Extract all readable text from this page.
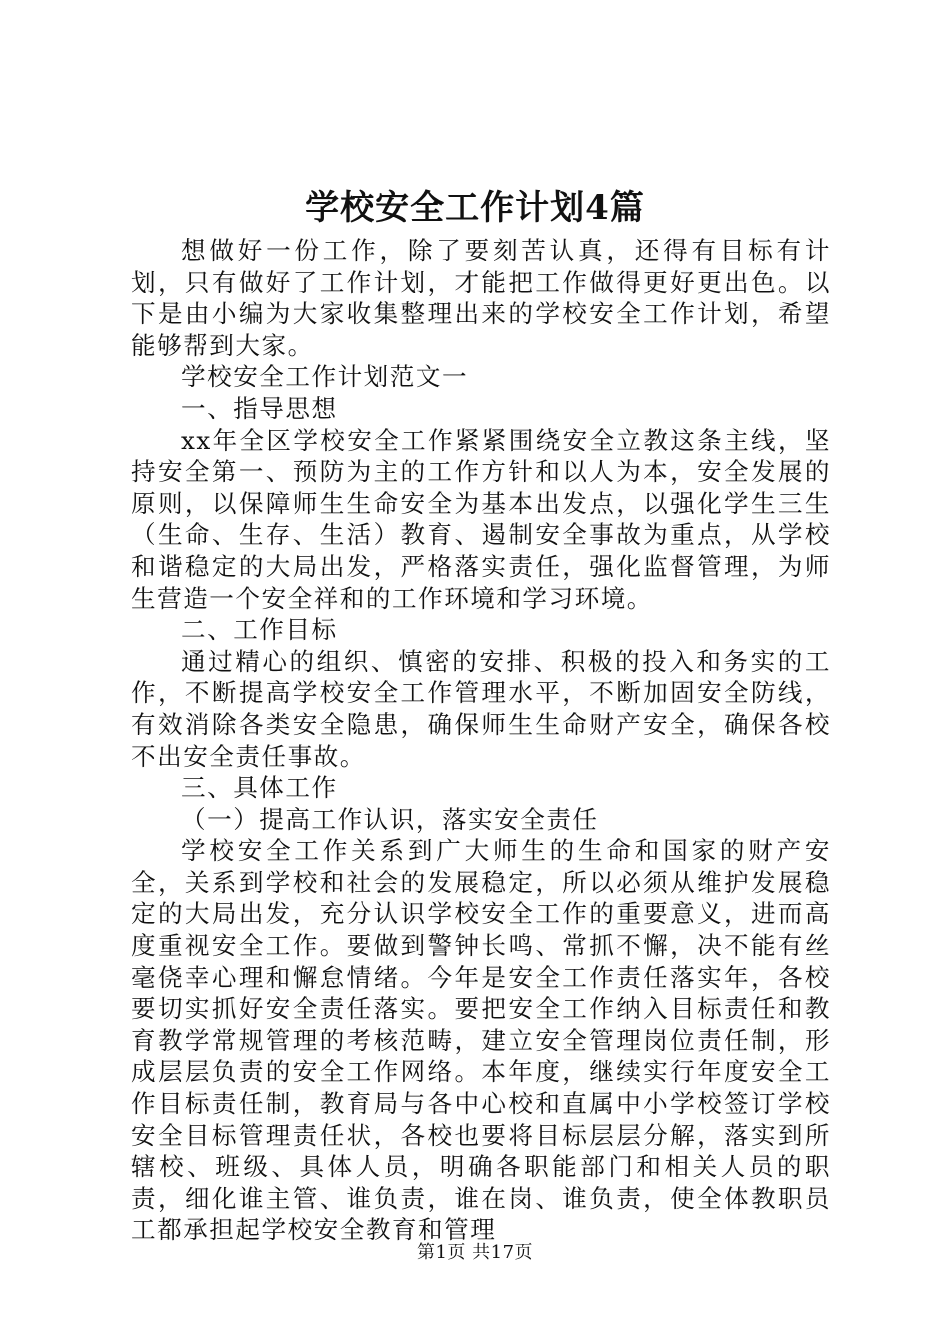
学校安全工作计划4篇

想做好一份工作，除了要刻苦认真，还得有目标有计划，只有做好了工作计划，才能把工作做得更好更出色。以下是由小编为大家收集整理出来的学校安全工作计划，希望能够帮到大家。

学校安全工作计划范文一

一、指导思想

xx年全区学校安全工作紧紧围绕安全立教这条主线，坚持安全第一、预防为主的工作方针和以人为本，安全发展的原则，以保障师生生命安全为基本出发点，以强化学生三生（生命、生存、生活）教育、遏制安全事故为重点，从学校和谐稳定的大局出发，严格落实责任，强化监督管理，为师生营造一个安全祥和的工作环境和学习环境。

二、工作目标

通过精心的组织、慎密的安排、积极的投入和务实的工作，不断提高学校安全工作管理水平，不断加固安全防线，有效消除各类安全隐患，确保师生生命财产安全，确保各校不出安全责任事故。

三、具体工作

（一）提高工作认识，落实安全责任

学校安全工作关系到广大师生的生命和国家的财产安全，关系到学校和社会的发展稳定，所以必须从维护发展稳定的大局出发，充分认识学校安全工作的重要意义，进而高度重视安全工作。要做到警钟长鸣、常抓不懈，决不能有丝毫侥幸心理和懈怠情绪。今年是安全工作责任落实年，各校要切实抓好安全责任落实。要把安全工作纳入目标责任和教育教学常规管理的考核范畴，建立安全管理岗位责任制，形成层层负责的安全工作网络。本年度，继续实行年度安全工作目标责任制，教育局与各中心校和直属中小学校签订学校安全目标管理责任状，各校也要将目标层层分解，落实到所辖校、班级、具体人员，明确各职能部门和相关人员的职责，细化谁主管、谁负责，谁在岗、谁负责，使全体教职员工都承担起学校安全教育和管理

第1页 共17页
